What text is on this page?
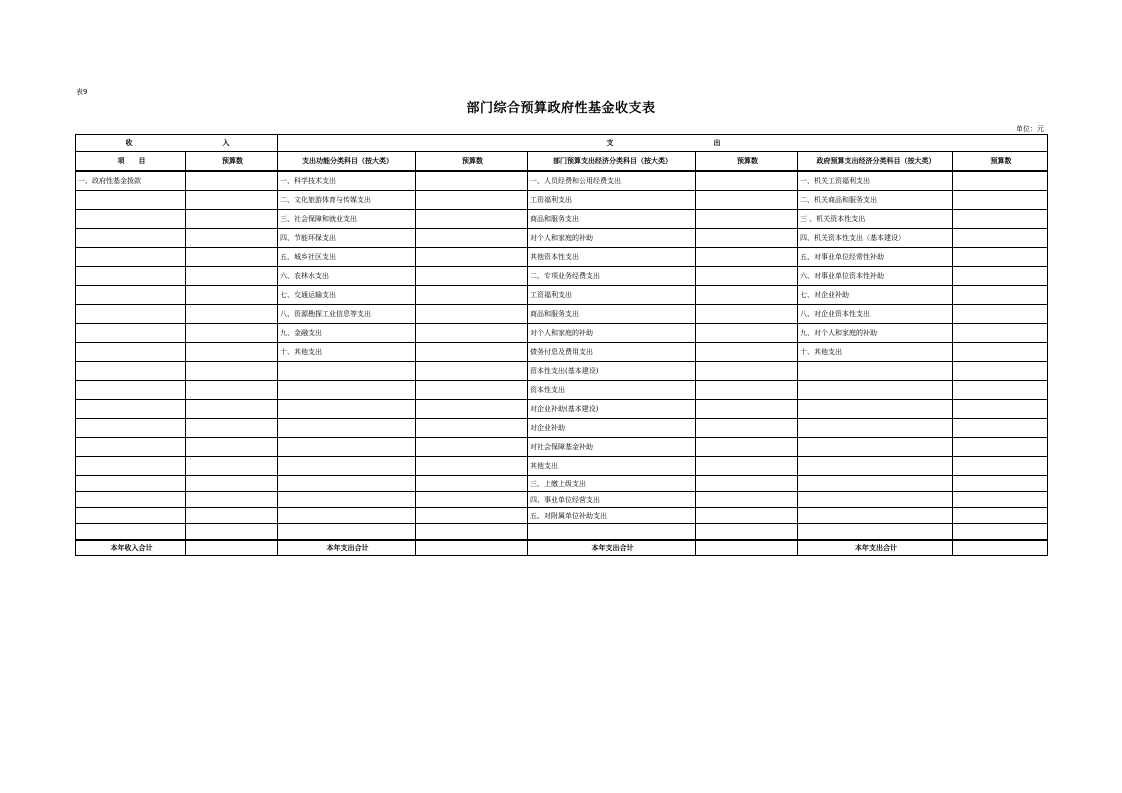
表9
部门综合预算政府性基金收支表
单位：元
收 入		支 出					
项　　目	预算数	支出功能分类科目（按大类）	预算数	部门预算支出经济分类科目（按大类）	预算数	政府预算支出经济分类科目（按大类）	预算数
一、政府性基金拨款		一、科学技术支出		一、人员经费和公用经费支出		一、机关工资福利支出	
		二、文化旅游体育与传媒支出		工资福利支出		二、机关商品和服务支出	
		三、社会保障和就业支出		商品和服务支出		三 、机关资本性支出	
		四、节能环保支出		对个人和家庭的补助		四、机关资本性支出（基本建设）	
		五、城乡社区支出		其他资本性支出		五、对事业单位经常性补助	
		六、农林水支出		二、专项业务经费支出		六、对事业单位资本性补助	
		七、交通运输支出		工资福利支出		七、对企业补助	
		八、资源勘探工业信息等支出		商品和服务支出		八、对企业资本性支出	
		九、金融支出		对个人和家庭的补助		九、对个人和家庭的补助	
		十、其他支出		债务付息及费用支出		十、其他支出	
				资本性支出(基本建设)			
				资本性支出			
				对企业补助(基本建设)			
				对企业补助			
				对社会保障基金补助			
				其他支出			
				三、上缴上级支出			
				四、事业单位经营支出			
				五、对附属单位补助支出			

本年收入合计		本年支出合计		本年支出合计		本年支出合计	
